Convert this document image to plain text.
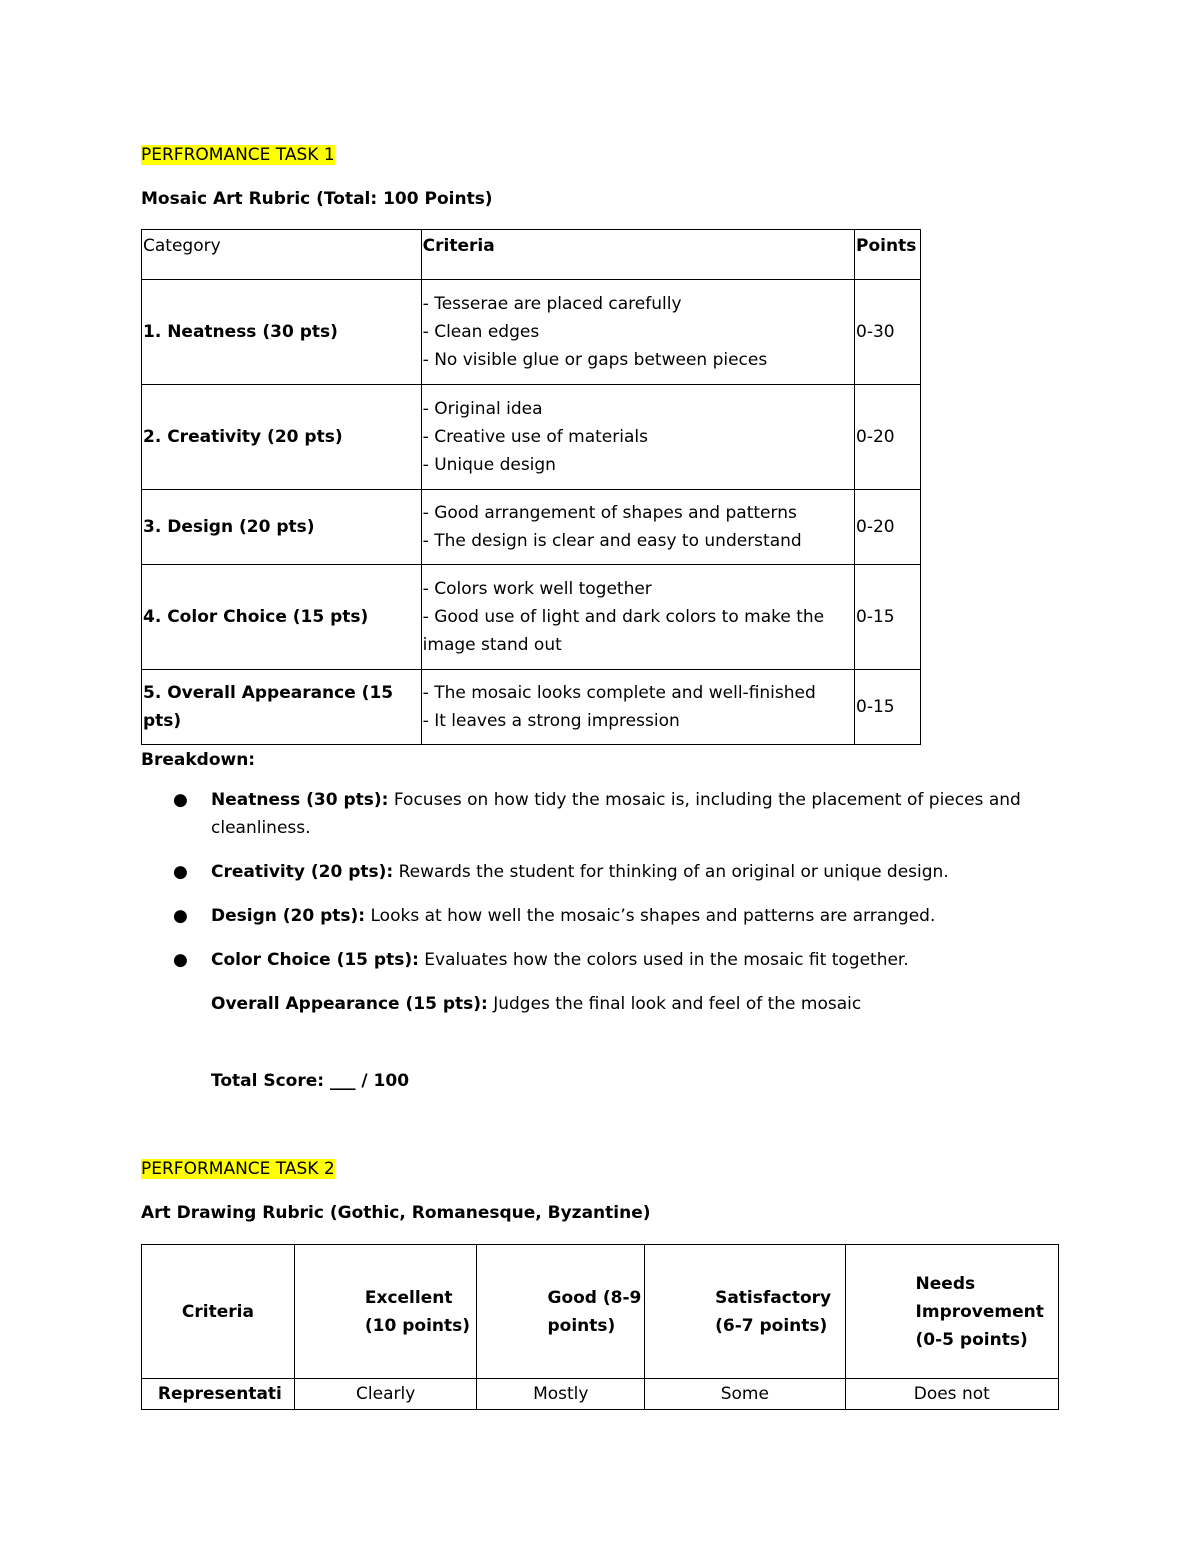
PERFROMANCE TASK 1
Mosaic Art Rubric (Total: 100 Points)
Category	Criteria	Points
1. Neatness (30 pts)	- Tesserae are placed carefully
- Clean edges
- No visible glue or gaps between pieces	0-30
2. Creativity (20 pts)	- Original idea
- Creative use of materials
- Unique design	0-20
3. Design (20 pts)	- Good arrangement of shapes and patterns
- The design is clear and easy to understand	0-20
4. Color Choice (15 pts)	- Colors work well together
- Good use of light and dark colors to make the image stand out	0-15
5. Overall Appearance (15 pts)	- The mosaic looks complete and well-finished
- It leaves a strong impression	0-15
Breakdown:
● Neatness (30 pts): Focuses on how tidy the mosaic is, including the placement of pieces and cleanliness.
● Creativity (20 pts): Rewards the student for thinking of an original or unique design.
● Design (20 pts): Looks at how well the mosaic’s shapes and patterns are arranged.
● Color Choice (15 pts): Evaluates how the colors used in the mosaic fit together.
Overall Appearance (15 pts): Judges the final look and feel of the mosaic
Total Score: ___ / 100
PERFORMANCE TASK 2
Art Drawing Rubric (Gothic, Romanesque, Byzantine)
Criteria	Excellent (10 points)	Good (8-9 points)	Satisfactory (6-7 points)	Needs Improvement (0-5 points)
Representati	Clearly	Mostly	Some	Does not
